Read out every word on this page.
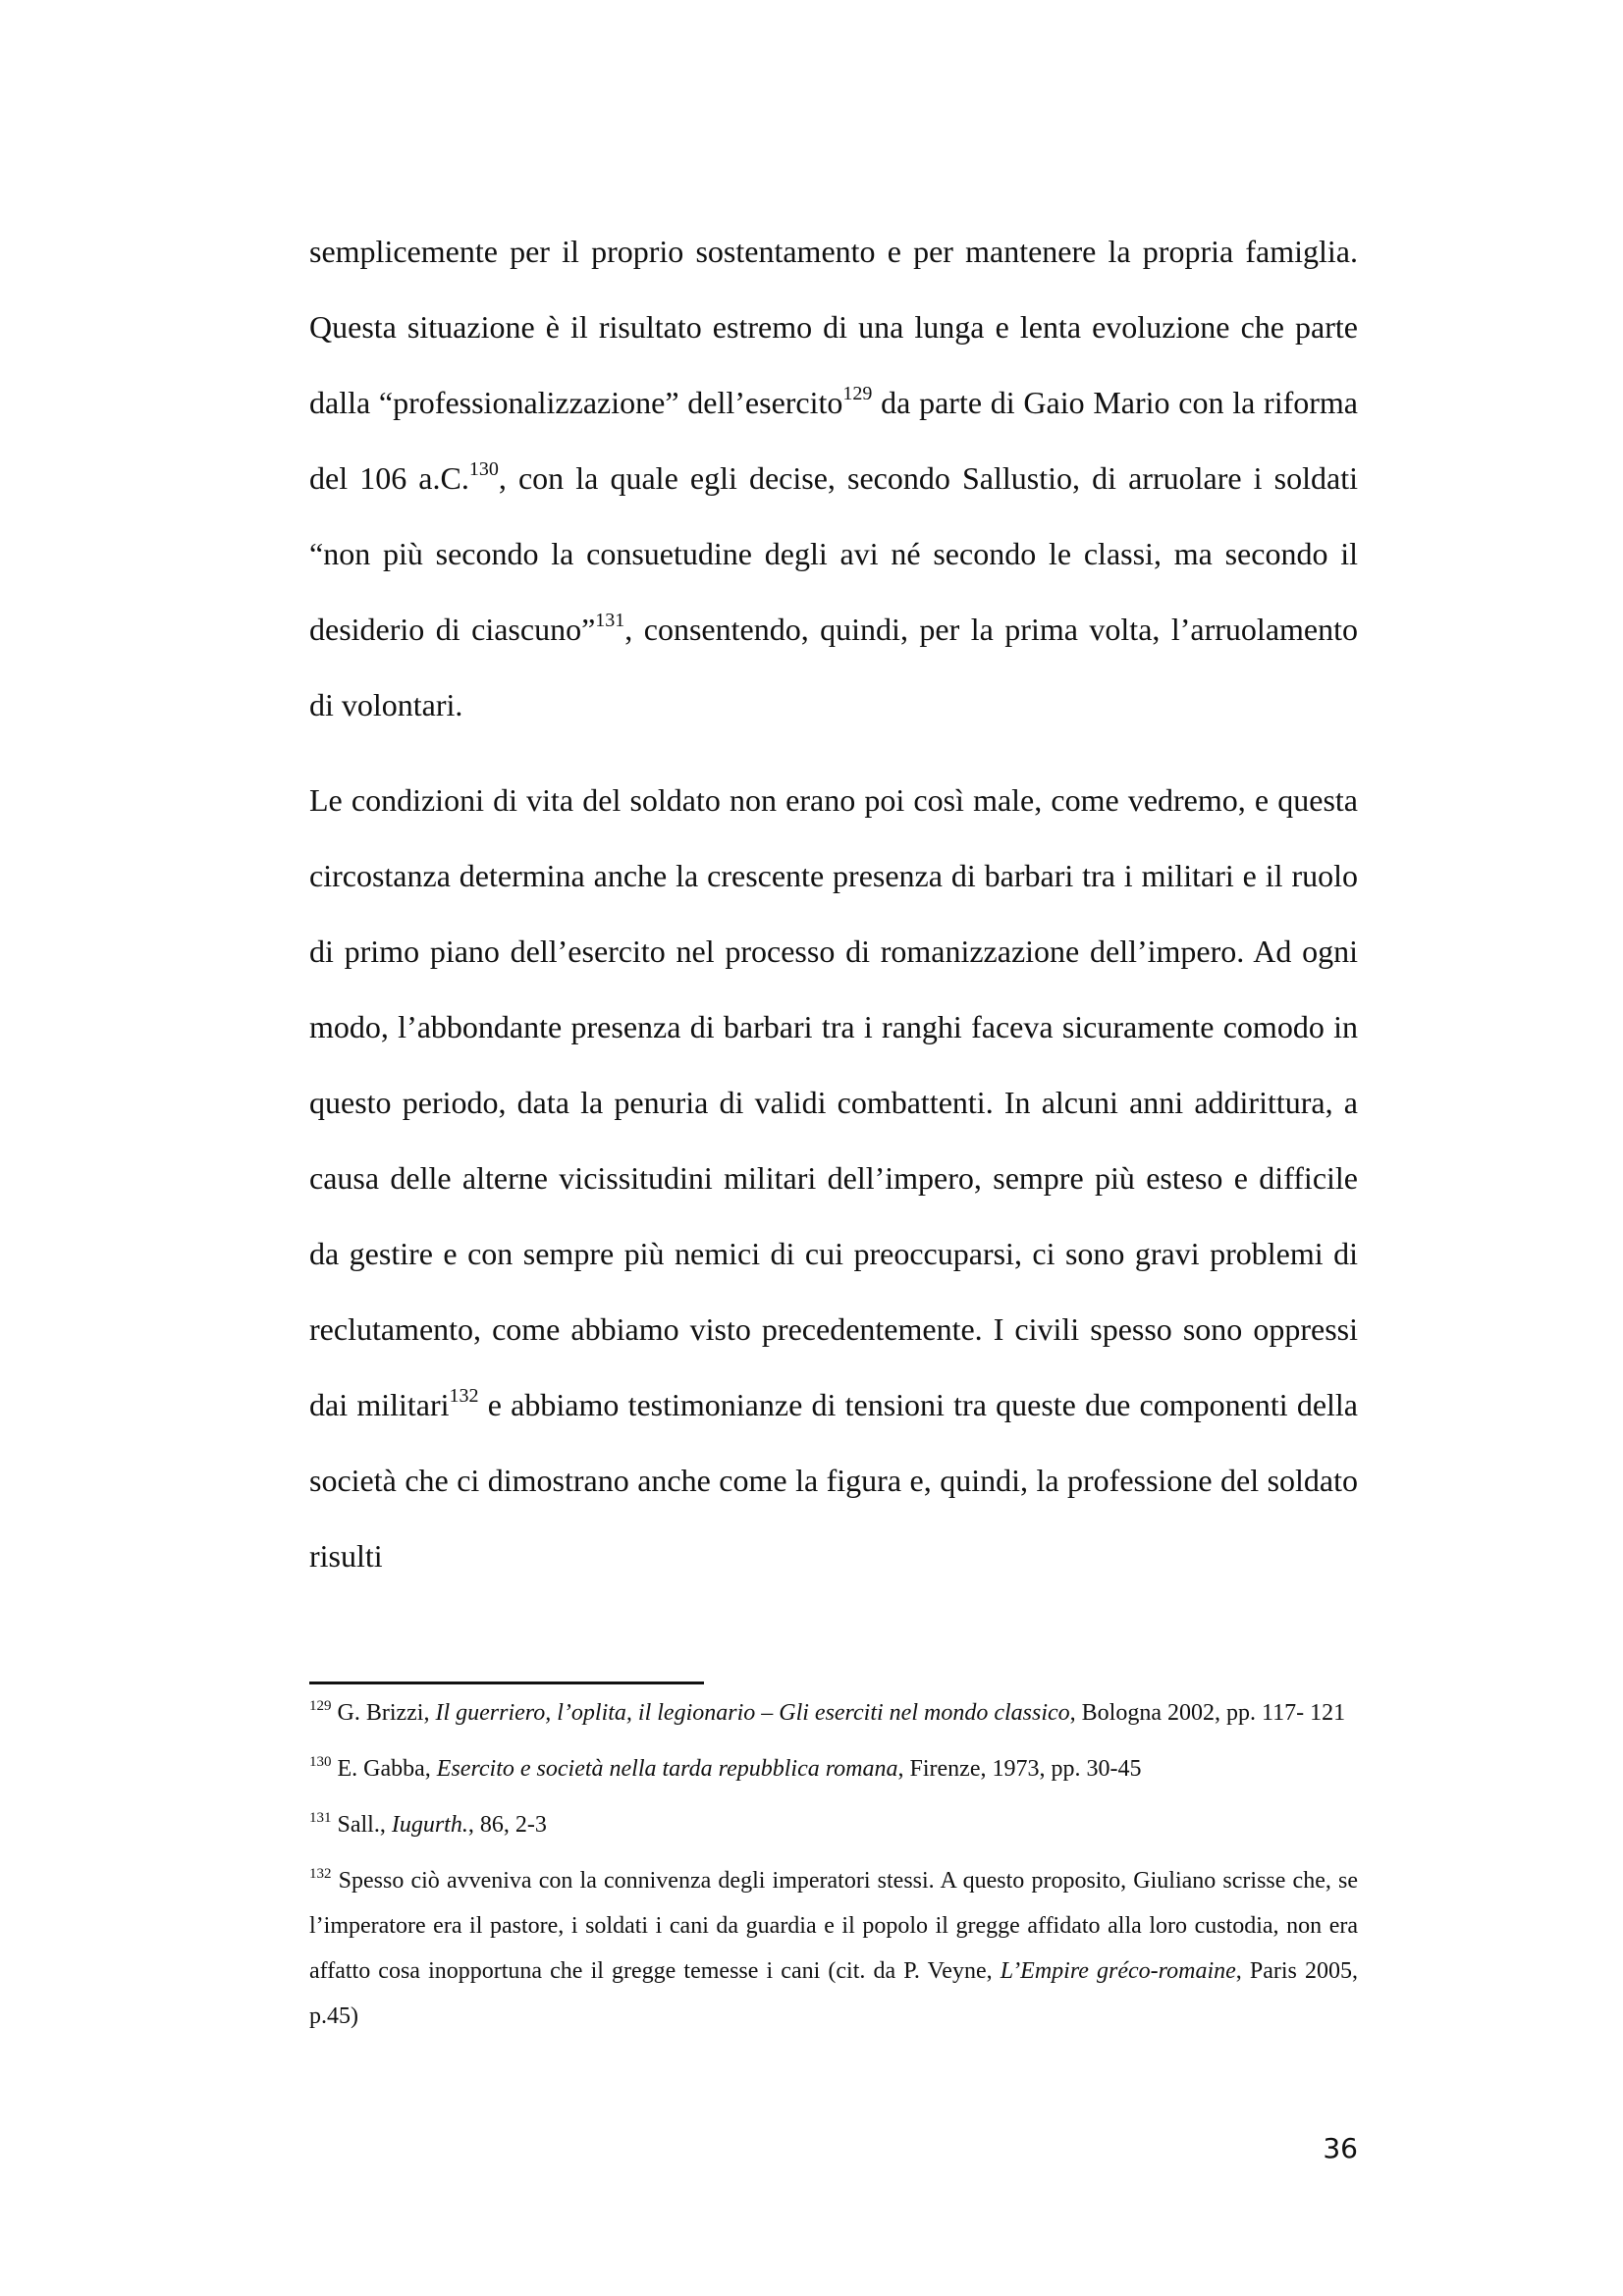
semplicemente per il proprio sostentamento e per mantenere la propria famiglia. Questa situazione è il risultato estremo di una lunga e lenta evoluzione che parte dalla “professionalizzazione” dell’esercito$^{129}$ da parte di Gaio Mario con la riforma del 106 a.C.$^{130}$, con la quale egli decise, secondo Sallustio, di arruolare i soldati “non più secondo la consuetudine degli avi né secondo le classi, ma secondo il desiderio di ciascuno”$^{131}$, consentendo, quindi, per la prima volta, l’arruolamento di volontari.

Le condizioni di vita del soldato non erano poi così male, come vedremo, e questa circostanza determina anche la crescente presenza di barbari tra i militari e il ruolo di primo piano dell’esercito nel processo di romanizzazione dell’impero. Ad ogni modo, l’abbondante presenza di barbari tra i ranghi faceva sicuramente comodo in questo periodo, data la penuria di validi combattenti. In alcuni anni addirittura, a causa delle alterne vicissitudini militari dell’impero, sempre più esteso e difficile da gestire e con sempre più nemici di cui preoccuparsi, ci sono gravi problemi di reclutamento, come abbiamo visto precedentemente. I civili spesso sono oppressi dai militari$^{132}$ e abbiamo testimonianze di tensioni tra queste due componenti della società che ci dimostrano anche come la figura e, quindi, la professione del soldato risulti

$^{129}$ G. Brizzi, Il guerriero, l’oplita, il legionario – Gli eserciti nel mondo classico, Bologna 2002, pp. 117- 121

$^{130}$ E. Gabba, Esercito e società nella tarda repubblica romana, Firenze, 1973, pp. 30-45

$^{131}$ Sall., Iugurth., 86, 2-3

$^{132}$ Spesso ciò avveniva con la connivenza degli imperatori stessi. A questo proposito, Giuliano scrisse che, se l’imperatore era il pastore, i soldati i cani da guardia e il popolo il gregge affidato alla loro custodia, non era affatto cosa inopportuna che il gregge temesse i cani (cit. da P. Veyne, L’Empire gréco-romaine, Paris 2005, p.45)

36
